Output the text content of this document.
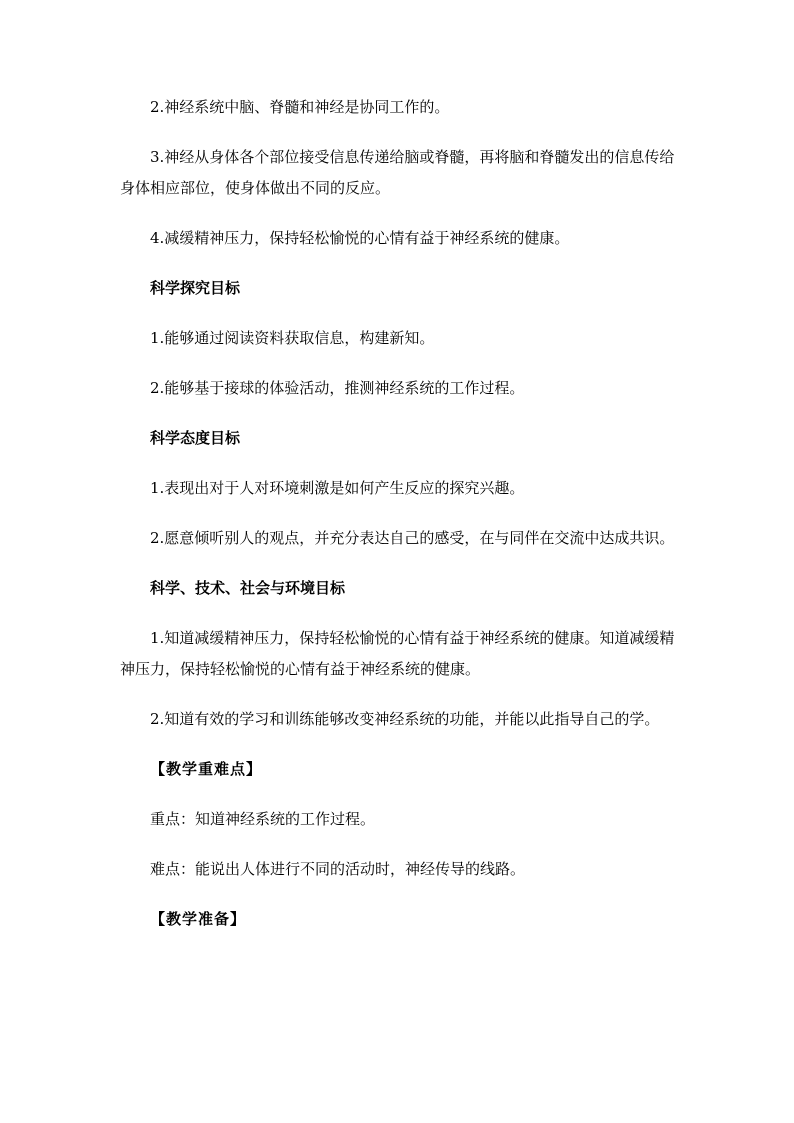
2.神经系统中脑、脊髓和神经是协同工作的。

3.神经从身体各个部位接受信息传递给脑或脊髓，再将脑和脊髓发出的信息传给身体相应部位，使身体做出不同的反应。

4.减缓精神压力，保持轻松愉悦的心情有益于神经系统的健康。

科学探究目标

1.能够通过阅读资料获取信息，构建新知。

2.能够基于接球的体验活动，推测神经系统的工作过程。

科学态度目标

1.表现出对于人对环境刺激是如何产生反应的探究兴趣。

2.愿意倾听别人的观点，并充分表达自己的感受，在与同伴在交流中达成共识。

科学、技术、社会与环境目标

1.知道减缓精神压力，保持轻松愉悦的心情有益于神经系统的健康。知道减缓精神压力，保持轻松愉悦的心情有益于神经系统的健康。

2.知道有效的学习和训练能够改变神经系统的功能，并能以此指导自己的学。

【教学重难点】

重点：知道神经系统的工作过程。

难点：能说出人体进行不同的活动时，神经传导的线路。

【教学准备】
